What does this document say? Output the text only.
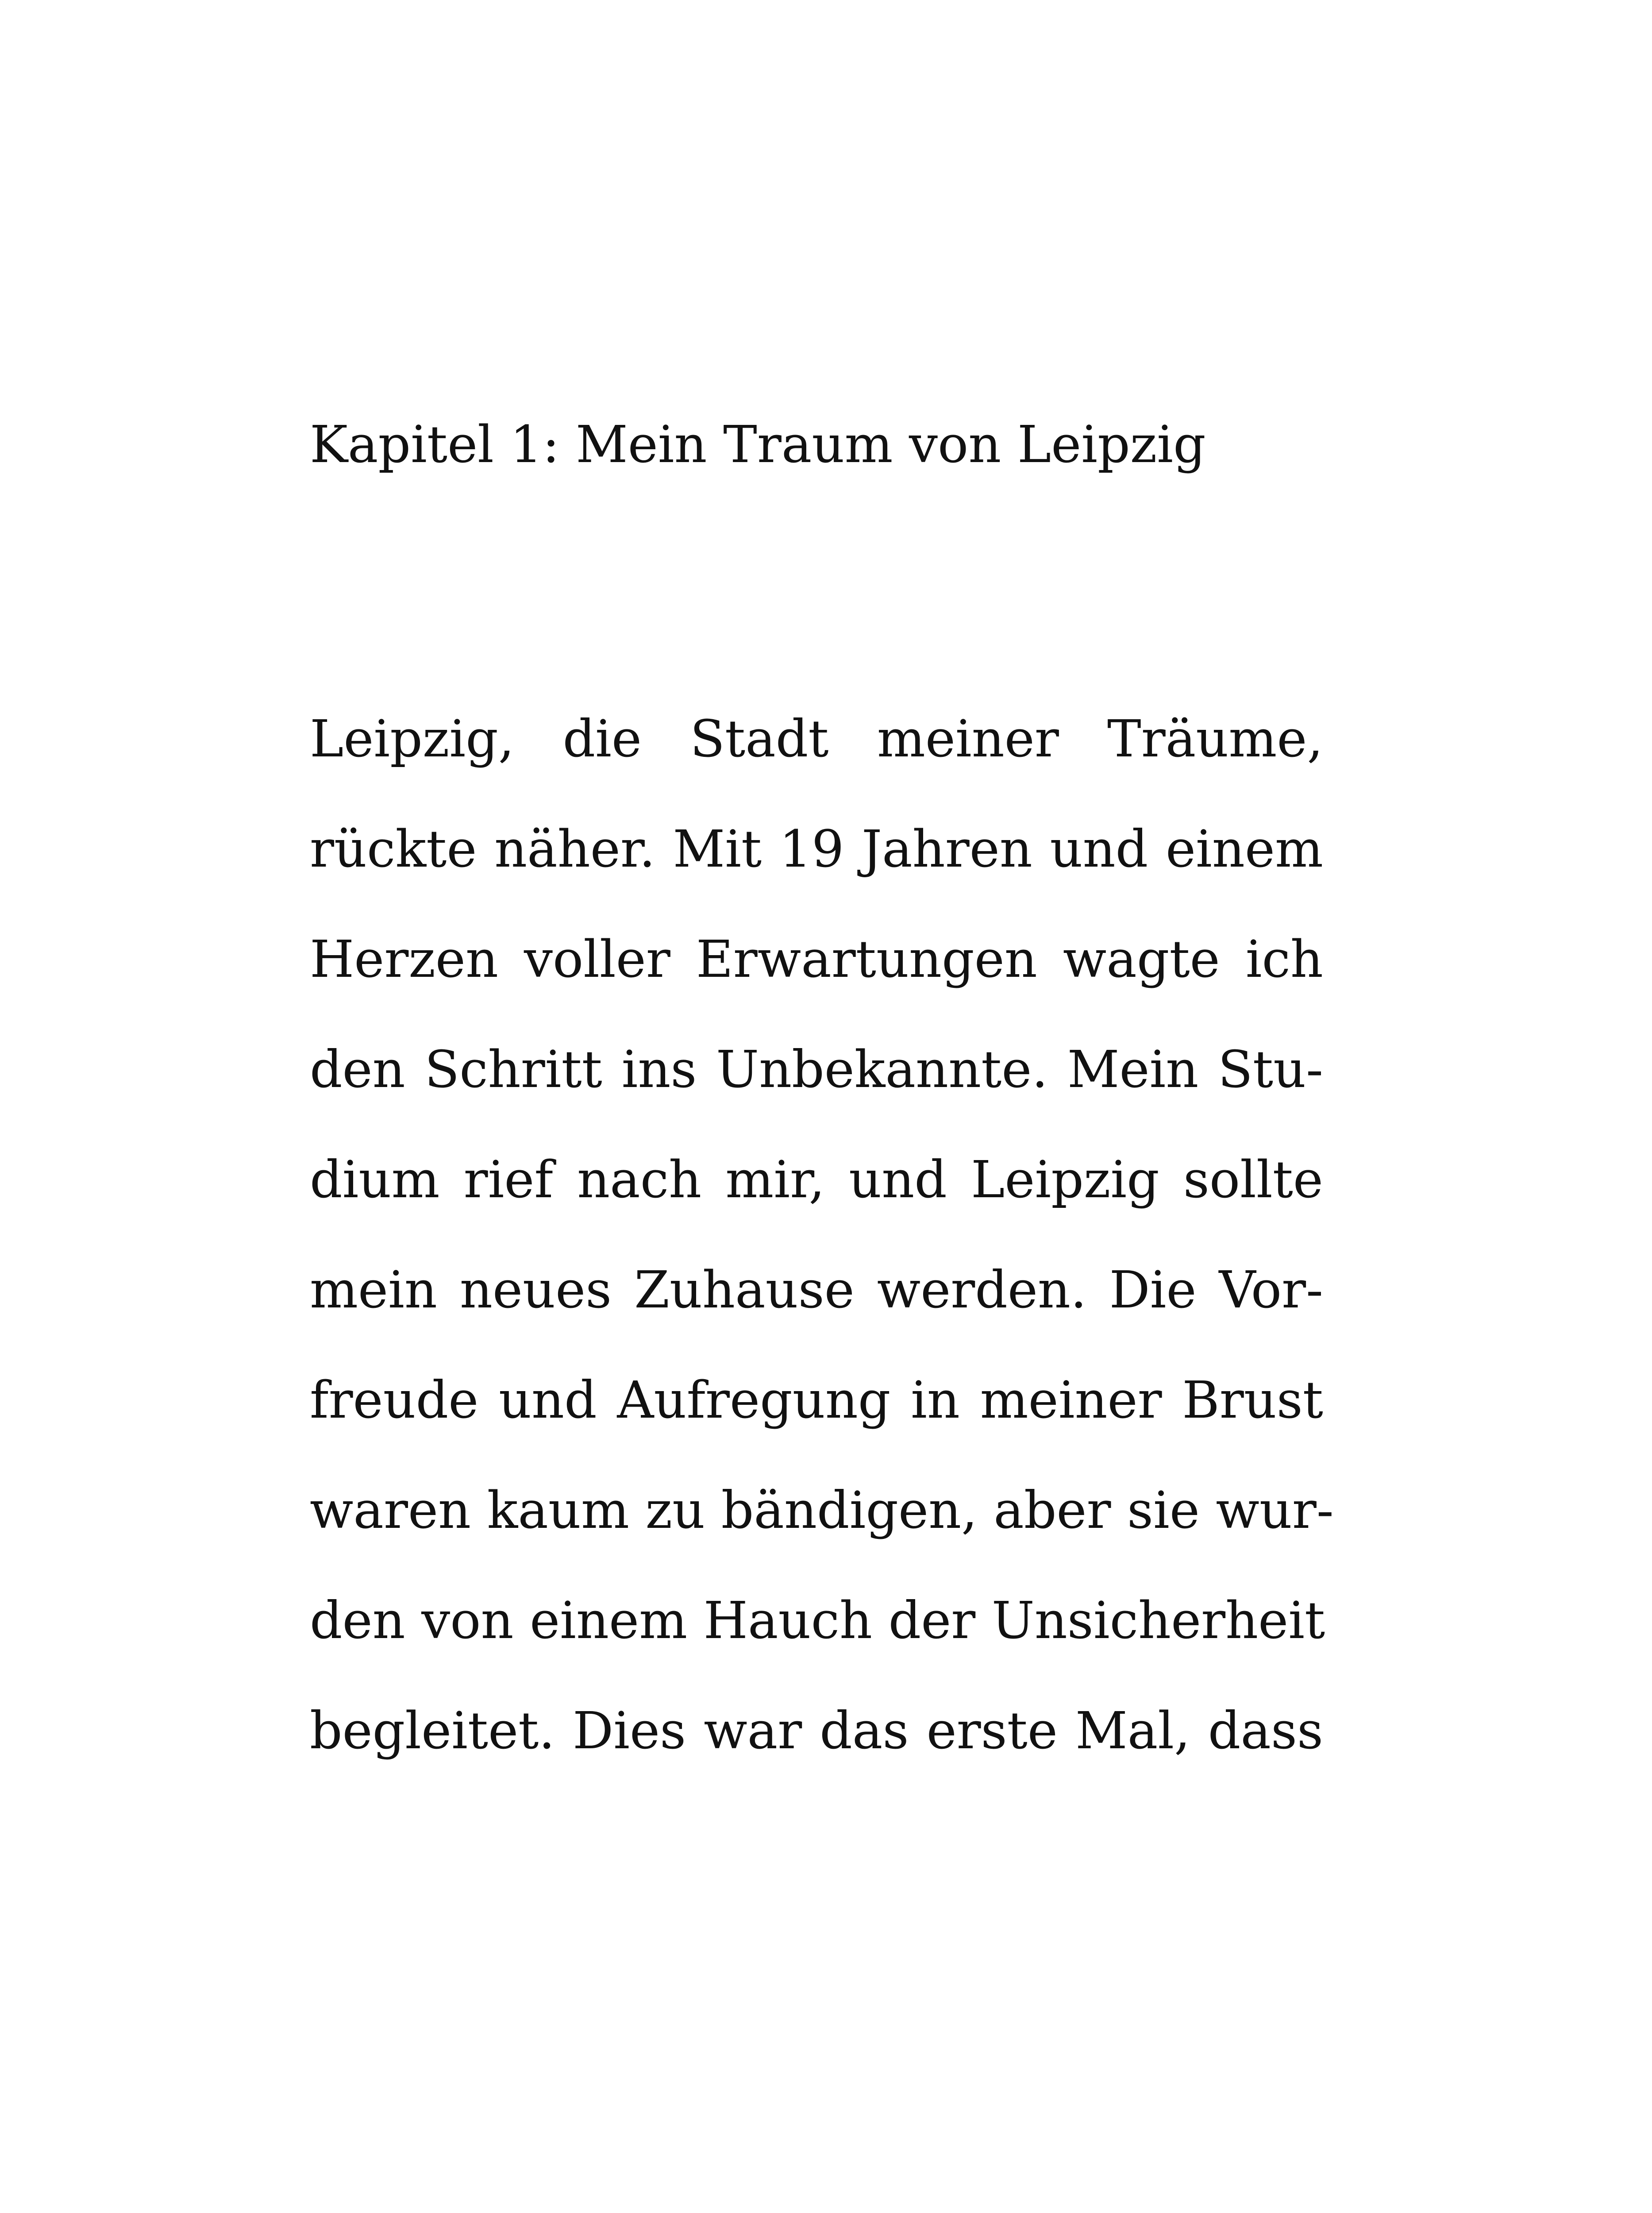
Kapitel 1: Mein Traum von Leipzig
Leipzig, die Stadt meiner Träume,
rückte näher. Mit 19 Jahren und einem
Herzen voller Erwartungen wagte ich
den Schritt ins Unbekannte. Mein Stu-
dium rief nach mir, und Leipzig sollte
mein neues Zuhause werden. Die Vor-
freude und Aufregung in meiner Brust
waren kaum zu bändigen, aber sie wur-
den von einem Hauch der Unsicherheit
begleitet. Dies war das erste Mal, dass
